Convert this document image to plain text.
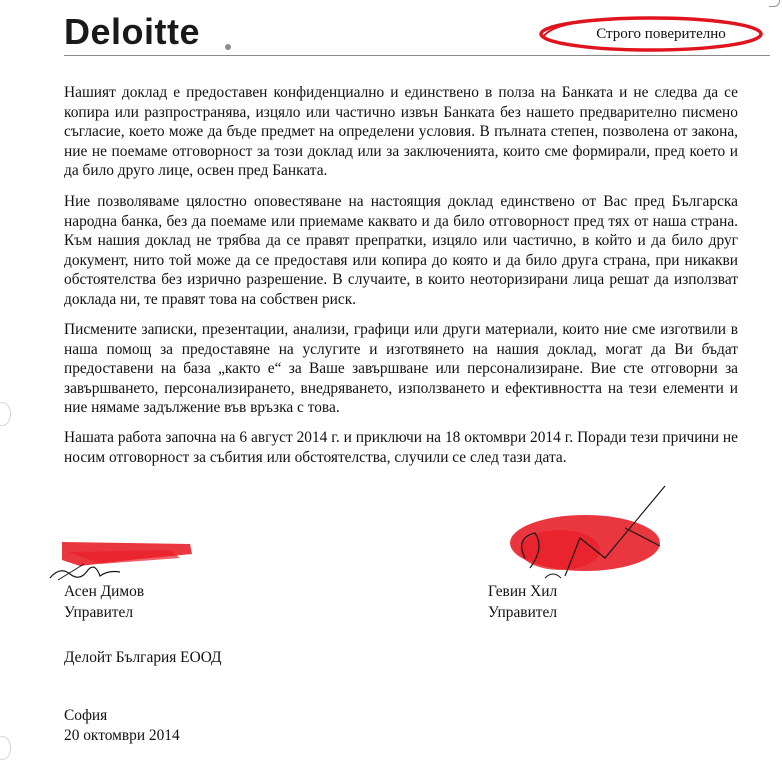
Deloitte	Строго поверително

Нашият доклад е предоставен конфиденциално и единствено в полза на Банката и не следва да се копира или разпространява, изцяло или частично извън Банката без нашето предварително писмено съгласие, което може да бъде предмет на определени условия. В пълната степен, позволена от закона, ние не поемаме отговорност за този доклад или за заключенията, които сме формирали, пред което и да било друго лице, освен пред Банката.

Ние позволяваме цялостно оповестяване на настоящия доклад единствено от Вас пред Българска народна банка, без да поемаме или приемаме каквато и да било отговорност пред тях от наша страна. Към нашия доклад не трябва да се правят препратки, изцяло или частично, в който и да било друг документ, нито той може да се предоставя или копира до която и да било друга страна, при никакви обстоятелства без изрично разрешение. В случаите, в които неоторизирани лица решат да използват доклада ни, те правят това на собствен риск.

Писмените записки, презентации, анализи, графици или други материали, които ние сме изготвили в наша помощ за предоставяне на услугите и изготвянето на нашия доклад, могат да Ви бъдат предоставени на база „както е“ за Ваше завършване или персонализиране. Вие сте отговорни за завършването, персонализирането, внедряването, използването и ефективността на тези елементи и ние нямаме задължение във връзка с това.

Нашата работа започна на 6 август 2014 г. и приключи на 18 октомври 2014 г. Поради тези причини не носим отговорност за събития или обстоятелства, случили се след тази дата.

Асен Димов
Управител
Гевин Хил
Управител
Делойт България ЕООД
София
20 октомври 2014
